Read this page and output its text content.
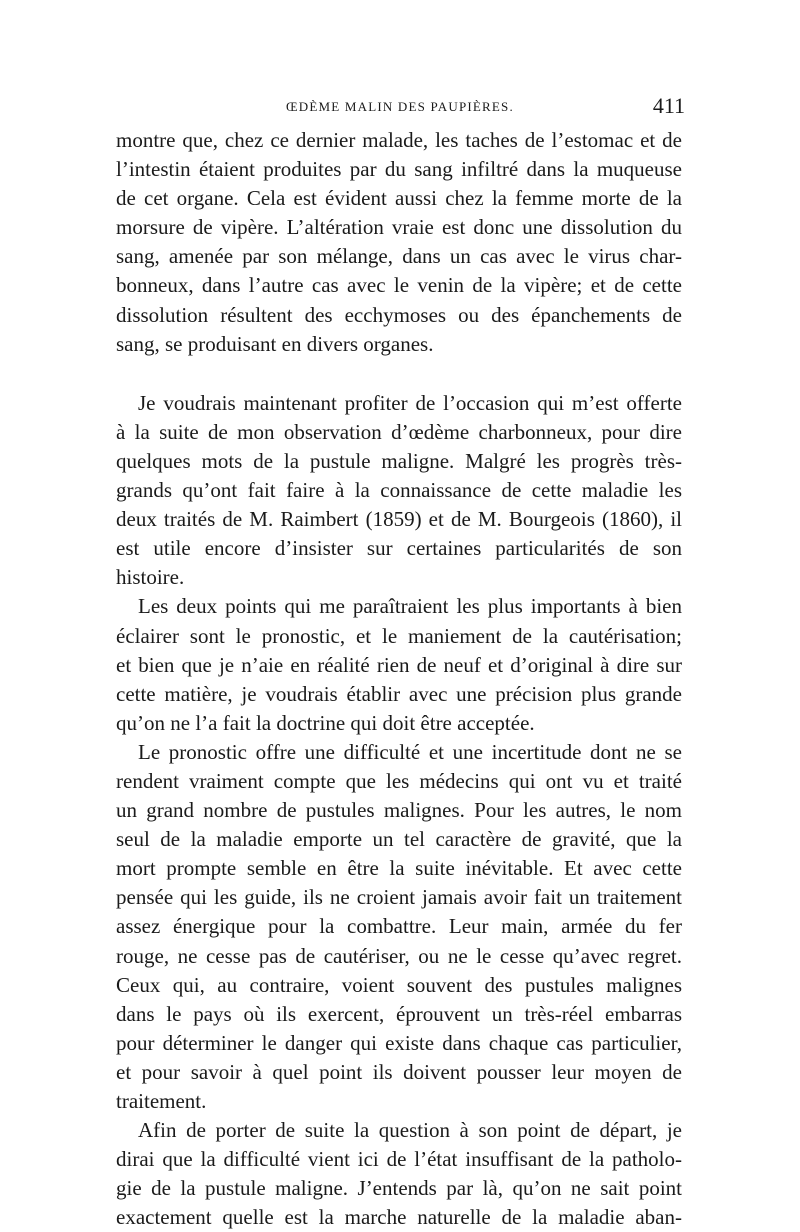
ŒDÈME MALIN DES PAUPIÈRES.	411
montre que, chez ce dernier malade, les taches de l’estomac et de
l’intestin étaient produites par du sang infiltré dans la muqueuse
de cet organe. Cela est évident aussi chez la femme morte de la
morsure de vipère. L’altération vraie est donc une dissolution du
sang, amenée par son mélange, dans un cas avec le virus char-
bonneux, dans l’autre cas avec le venin de la vipère; et de cette
dissolution résultent des ecchymoses ou des épanchements de
sang, se produisant en divers organes.
Je voudrais maintenant profiter de l’occasion qui m’est offerte
à la suite de mon observation d’œdème charbonneux, pour dire
quelques mots de la pustule maligne. Malgré les progrès très-
grands qu’ont fait faire à la connaissance de cette maladie les
deux traités de M. Raimbert (1859) et de M. Bourgeois (1860), il
est utile encore d’insister sur certaines particularités de son
histoire.
Les deux points qui me paraîtraient les plus importants à bien
éclairer sont le pronostic, et le maniement de la cautérisation;
et bien que je n’aie en réalité rien de neuf et d’original à dire sur
cette matière, je voudrais établir avec une précision plus grande
qu’on ne l’a fait la doctrine qui doit être acceptée.
Le pronostic offre une difficulté et une incertitude dont ne se
rendent vraiment compte que les médecins qui ont vu et traité
un grand nombre de pustules malignes. Pour les autres, le nom
seul de la maladie emporte un tel caractère de gravité, que la
mort prompte semble en être la suite inévitable. Et avec cette
pensée qui les guide, ils ne croient jamais avoir fait un traitement
assez énergique pour la combattre. Leur main, armée du fer
rouge, ne cesse pas de cautériser, ou ne le cesse qu’avec regret.
Ceux qui, au contraire, voient souvent des pustules malignes
dans le pays où ils exercent, éprouvent un très-réel embarras
pour déterminer le danger qui existe dans chaque cas particulier,
et pour savoir à quel point ils doivent pousser leur moyen de
traitement.
Afin de porter de suite la question à son point de départ, je
dirai que la difficulté vient ici de l’état insuffisant de la patholo-
gie de la pustule maligne. J’entends par là, qu’on ne sait point
exactement quelle est la marche naturelle de la maladie aban-
